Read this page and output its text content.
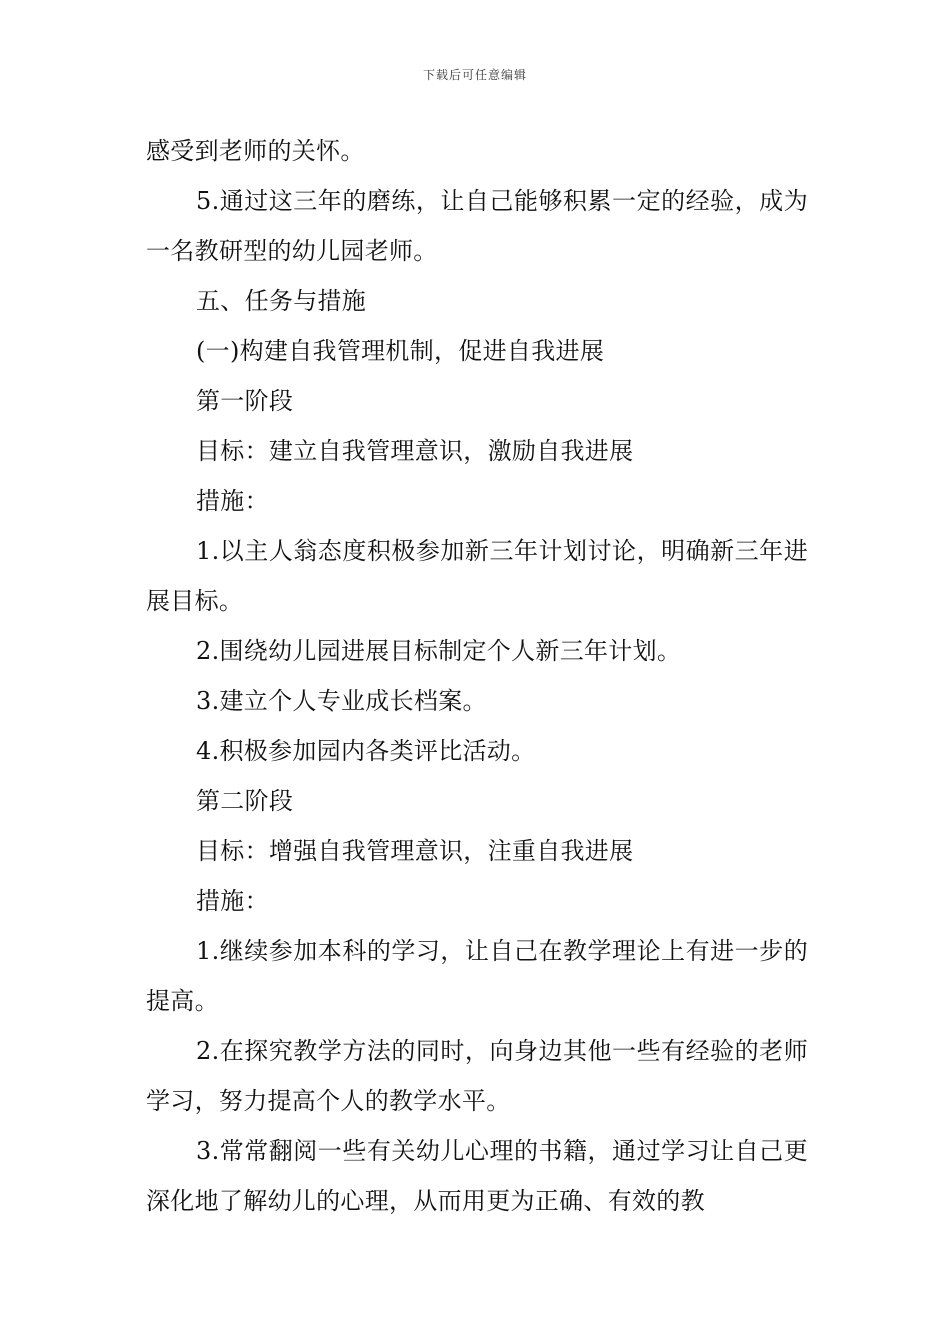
下载后可任意编辑

感受到老师的关怀。

5.通过这三年的磨练，让自己能够积累一定的经验，成为一名教研型的幼儿园老师。

五、任务与措施

(一)构建自我管理机制，促进自我进展

第一阶段

目标：建立自我管理意识，激励自我进展

措施：

1.以主人翁态度积极参加新三年计划讨论，明确新三年进展目标。

2.围绕幼儿园进展目标制定个人新三年计划。

3.建立个人专业成长档案。

4.积极参加园内各类评比活动。

第二阶段

目标：增强自我管理意识，注重自我进展

措施：

1.继续参加本科的学习，让自己在教学理论上有进一步的提高。

2.在探究教学方法的同时，向身边其他一些有经验的老师学习，努力提高个人的教学水平。

3.常常翻阅一些有关幼儿心理的书籍，通过学习让自己更深化地了解幼儿的心理，从而用更为正确、有效的教
